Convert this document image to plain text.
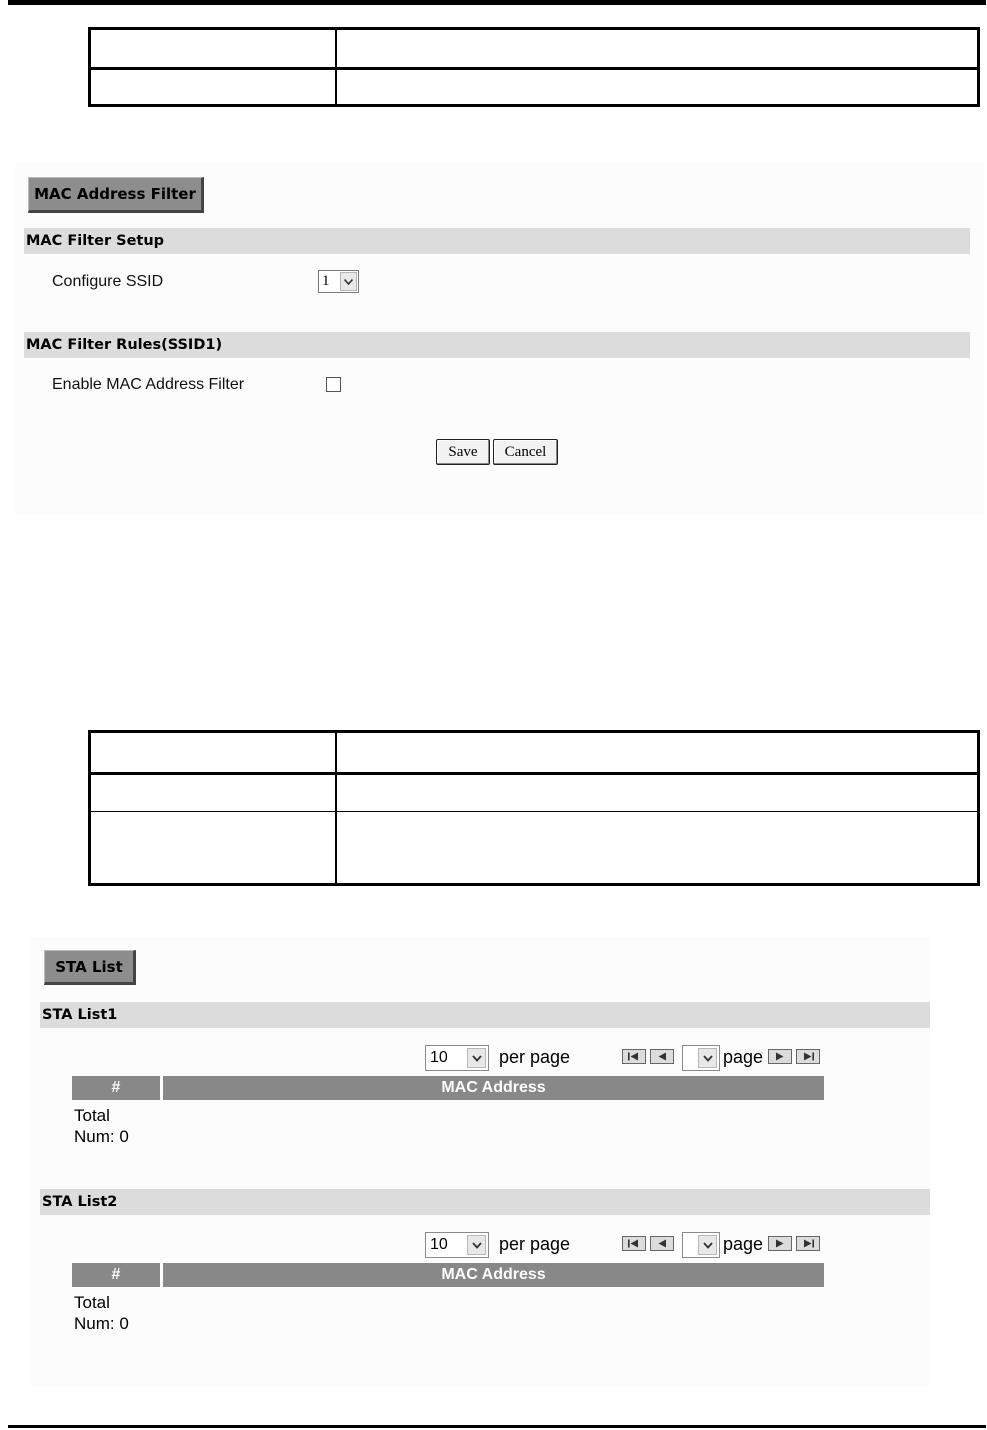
MAC Address Filter
MAC Filter Setup
Configure SSID	1
MAC Filter Rules(SSID1)
Enable MAC Address Filter
Save	Cancel

STA List
STA List1
10	per page	page
#	MAC Address
Total
Num: 0
STA List2
10	per page	page
#	MAC Address
Total
Num: 0
